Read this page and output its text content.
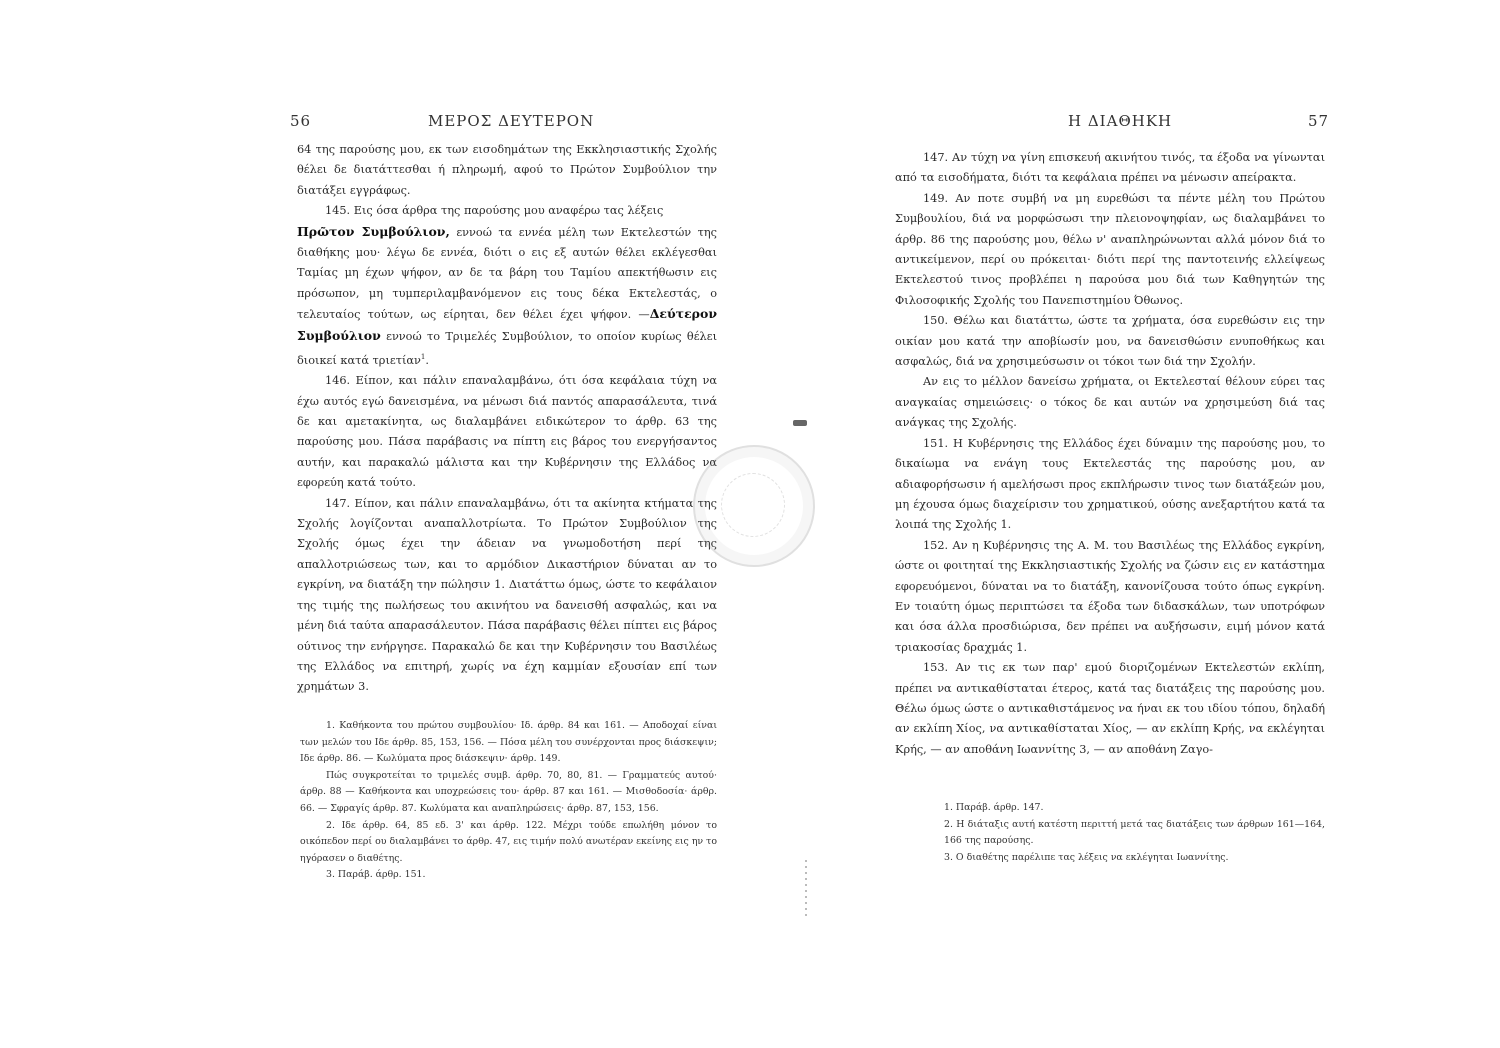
56	ΜΕΡΟΣ ΔΕΥΤΕΡΟΝ

64 της παρούσης μου, εκ των εισοδημάτων της Εκκλησιαστικής Σχολής θέλει δε διατάττεσθαι ή πληρωμή, αφού το Πρώτον Συμβούλιον την διατάξει εγγράφως.

145. Εις όσα άρθρα της παρούσης μου αναφέρω τας λέξεις

Πρῶτον Συμβούλιον, εννοώ τα εννέα μέλη των Εκτελεστών της διαθήκης μου· λέγω δε εννέα, διότι ο εις εξ αυτών θέλει εκλέγεσθαι Ταμίας μη έχων ψήφον, αν δε τα βάρη του Ταμίου απεκτήθωσιν εις πρόσωπον, μη τυμπεριλαμβανόμενον εις τους δέκα Εκτελεστάς, ο τελευταίος τούτων, ως είρηται, δεν θέλει έχει ψήφον. —Δεύτερον Συμβούλιον εννοώ το Τριμελές Συμβούλιον, το οποίον κυρίως θέλει διοικεί κατά τριετίαν$^1$.

146. Είπον, και πάλιν επαναλαμβάνω, ότι όσα κεφάλαια τύχη να έχω αυτός εγώ δανεισμένα, να μένωσι διά παντός απαρασάλευτα, τινά δε και αμετακίνητα, ως διαλαμβάνει ειδικώτερον το άρθρ. 63 της παρούσης μου. Πάσα παράβασις να πίπτη εις βάρος του ενεργήσαντος αυτήν, και παρακαλώ μάλιστα και την Κυβέρνησιν της Ελλάδος να εφορεύη κατά τούτο.

147. Είπον, και πάλιν επαναλαμβάνω, ότι τα ακίνητα κτήματα της Σχολής λογίζονται αναπαλλοτρίωτα. Το Πρώτον Συμβούλιον της Σχολής όμως έχει την άδειαν να γνωμοδοτήση περί της απαλλοτριώσεως των, και το αρμόδιον Δικαστήριον δύναται αν το εγκρίνη, να διατάξη την πώλησιν 1. Διατάττω όμως, ώστε το κεφάλαιον της τιμής της πωλήσεως του ακινήτου να δανεισθή ασφαλώς, και να μένη διά ταύτα απαρασάλευτον. Πάσα παράβασις θέλει πίπτει εις βάρος ούτινος την ενήργησε. Παρακαλώ δε και την Κυβέρνησιν του Βασιλέως της Ελλάδος να επιτηρή, χωρίς να έχη καμμίαν εξουσίαν επί των χρημάτων 3.

1. Καθήκοντα του πρώτου συμβουλίου· Ιδ. άρθρ. 84 και 161. — Αποδοχαί είναι των μελών του Ιδε άρθρ. 85, 153, 156. — Πόσα μέλη του συνέρχονται προς διάσκεψιν; Ιδε άρθρ. 86. — Κωλύματα προς διάσκεψιν· άρθρ. 149.

Πώς συγκροτείται το τριμελές συμβ. άρθρ. 70, 80, 81. — Γραμματεύς αυτού· άρθρ. 88 — Καθήκοντα και υποχρεώσεις του· άρθρ. 87 και 161. — Μισθοδοσία· άρθρ. 66. — Σφραγίς άρθρ. 87. Κωλύματα και αναπληρώσεις· άρθρ. 87, 153, 156.

2. Ιδε άρθρ. 64, 85 εδ. 3' και άρθρ. 122. Μέχρι τούδε επωλήθη μόνον το οικόπεδον περί ου διαλαμβάνει το άρθρ. 47, εις τιμήν πολύ ανωτέραν εκείνης εις ην το ηγόρασεν ο διαθέτης.

3. Παράβ. άρθρ. 151.

Η ΔΙΑΘΗΚΗ	57

147. Αν τύχη να γίνη επισκευή ακινήτου τινός, τα έξοδα να γίνωνται από τα εισοδήματα, διότι τα κεφάλαια πρέπει να μένωσιν απείρακτα.

149. Αν ποτε συμβή να μη ευρεθώσι τα πέντε μέλη του Πρώτου Συμβουλίου, διά να μορφώσωσι την πλειονοψηφίαν, ως διαλαμβάνει το άρθρ. 86 της παρούσης μου, θέλω ν' αναπληρώνωνται αλλά μόνον διά το αντικείμενον, περί ου πρόκειται· διότι περί της παντοτεινής ελλείψεως Εκτελεστού τινος προβλέπει η παρούσα μου διά των Καθηγητών της Φιλοσοφικής Σχολής του Πανεπιστημίου Όθωνος.

150. Θέλω και διατάττω, ώστε τα χρήματα, όσα ευρεθώσιν εις την οικίαν μου κατά την αποβίωσίν μου, να δανεισθώσιν ενυποθήκως και ασφαλώς, διά να χρησιμεύσωσιν οι τόκοι των διά την Σχολήν.

Αν εις το μέλλον δανείσω χρήματα, οι Εκτελεσταί θέλουν εύρει τας αναγκαίας σημειώσεις· ο τόκος δε και αυτών να χρησιμεύση διά τας ανάγκας της Σχολής.

151. Η Κυβέρνησις της Ελλάδος έχει δύναμιν της παρούσης μου, το δικαίωμα να ενάγη τους Εκτελεστάς της παρούσης μου, αν αδιαφορήσωσιν ή αμελήσωσι προς εκπλήρωσιν τινος των διατάξεών μου, μη έχουσα όμως διαχείρισιν του χρηματικού, ούσης ανεξαρτήτου κατά τα λοιπά της Σχολής 1.

152. Αν η Κυβέρνησις της Α. Μ. του Βασιλέως της Ελλάδος εγκρίνη, ώστε οι φοιτηταί της Εκκλησιαστικής Σχολής να ζώσιν εις εν κατάστημα εφορευόμενοι, δύναται να το διατάξη, κανονίζουσα τούτο όπως εγκρίνη. Εν τοιαύτη όμως περιπτώσει τα έξοδα των διδασκάλων, των υποτρόφων και όσα άλλα προσδιώρισα, δεν πρέπει να αυξήσωσιν, ειμή μόνον κατά τριακοσίας δραχμάς 1.

153. Αν τις εκ των παρ' εμού διοριζομένων Εκτελεστών εκλίπη, πρέπει να αντικαθίσταται έτερος, κατά τας διατάξεις της παρούσης μου. Θέλω όμως ώστε ο αντικαθιστάμενος να ήναι εκ του ιδίου τόπου, δηλαδή αν εκλίπη Χίος, να αντικαθίσταται Χίος, — αν εκλίπη Κρής, να εκλέγηται Κρής, — αν αποθάνη Ιωαννίτης 3, — αν αποθάνη Ζαγο-

1. Παράβ. άρθρ. 147.

2. Η διάταξις αυτή κατέστη περιττή μετά τας διατάξεις των άρθρων 161—164, 166 της παρούσης.

3. Ο διαθέτης παρέλιπε τας λέξεις να εκλέγηται Ιωαννίτης.
